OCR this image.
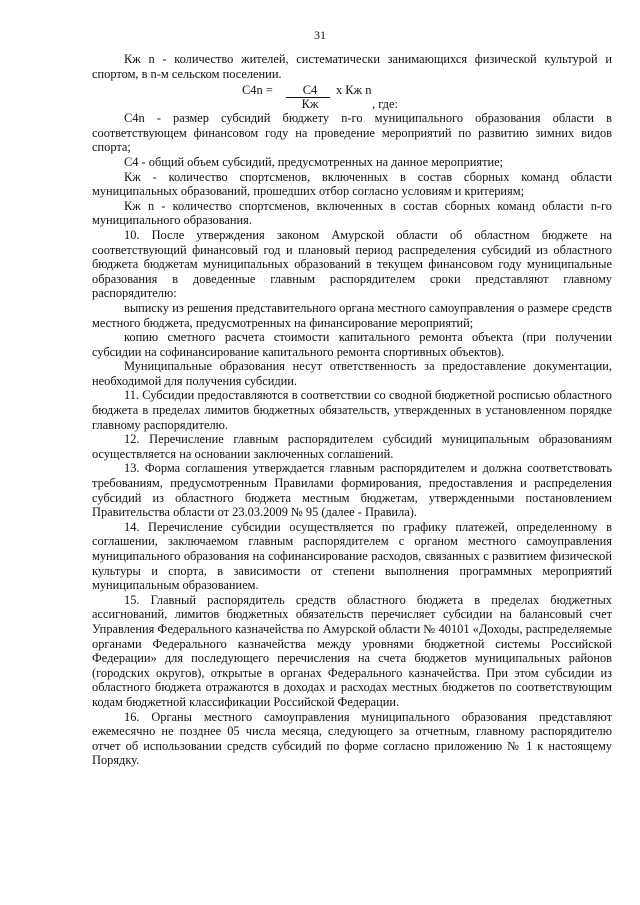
31

Кж n - количество жителей, систематически занимающихся физической культурой и спортом, в n-м сельском поселении.

C4n =	C4
Кж
x Кж n
, где:

C4n - размер субсидий бюджету n-го муниципального образования области в соответствующем финансовом году на проведение мероприятий по развитию зимних видов спорта;

C4 - общий объем субсидий, предусмотренных на данное мероприятие;

Кж - количество спортсменов, включенных в состав сборных команд области муниципальных образований, прошедших отбор согласно условиям и критериям;

Кж n - количество спортсменов, включенных в состав сборных команд области n-го муниципального образования.

10. После утверждения законом Амурской области об областном бюджете на соответствующий финансовый год и плановый период распределения субсидий из областного бюджета бюджетам муниципальных образований в текущем финансовом году муниципальные образования в доведенные главным распорядителем сроки представляют главному распорядителю:

выписку из решения представительного органа местного самоуправления о размере средств местного бюджета, предусмотренных на финансирование мероприятий;

копию сметного расчета стоимости капитального ремонта объекта (при получении субсидии на софинансирование капитального ремонта спортивных объектов).

Муниципальные образования несут ответственность за предоставление документации, необходимой для получения субсидии.

11. Субсидии предоставляются в соответствии со сводной бюджетной росписью областного бюджета в пределах лимитов бюджетных обязательств, утвержденных в установленном порядке главному распорядителю.

12. Перечисление главным распорядителем субсидий муниципальным образованиям осуществляется на основании заключенных соглашений.

13. Форма соглашения утверждается главным распорядителем и должна соответствовать требованиям, предусмотренным Правилами формирования, предоставления и распределения субсидий из областного бюджета местным бюджетам, утвержденными постановлением Правительства области от 23.03.2009 № 95 (далее - Правила).

14. Перечисление субсидии осуществляется по графику платежей, определенному в соглашении, заключаемом главным распорядителем с органом местного самоуправления муниципального образования на софинансирование расходов, связанных с развитием физической культуры и спорта, в зависимости от степени выполнения программных мероприятий муниципальным образованием.

15. Главный распорядитель средств областного бюджета в пределах бюджетных ассигнований, лимитов бюджетных обязательств перечисляет субсидии на балансовый счет Управления Федерального казначейства по Амурской области № 40101 «Доходы, распределяемые органами Федерального казначейства между уровнями бюджетной системы Российской Федерации» для последующего перечисления на счета бюджетов муниципальных районов (городских округов), открытые в органах Федерального казначейства. При этом субсидии из областного бюджета отражаются в доходах и расходах местных бюджетов по соответствующим кодам бюджетной классификации Российской Федерации.

16. Органы местного самоуправления муниципального образования представляют ежемесячно не позднее 05 числа месяца, следующего за отчетным, главному распорядителю отчет об использовании средств субсидий по форме согласно приложению № 1 к настоящему Порядку.
